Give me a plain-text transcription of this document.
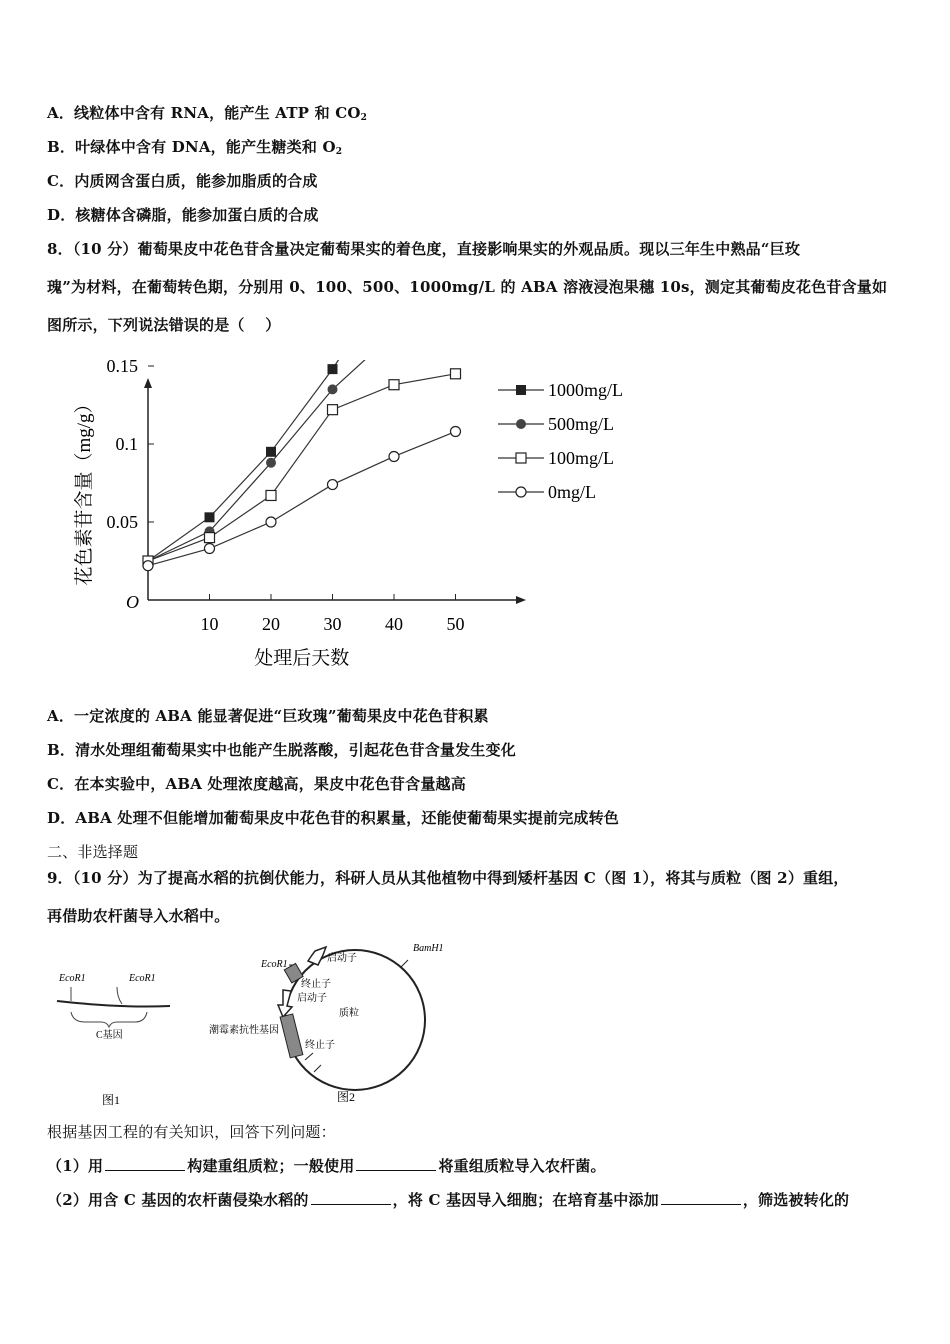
A．线粒体中含有 RNA，能产生 ATP 和 $CO_2$
B．叶绿体中含有 DNA，能产生糖类和 $O_2$
C．内质网含蛋白质，能参加脂质的合成
D．核糖体含磷脂，能参加蛋白质的合成
8．（10 分）葡萄果皮中花色苷含量决定葡萄果实的着色度，直接影响果实的外观品质。现以三年生中熟品“巨玫
瑰”为材料，在葡萄转色期，分别用 0、100、500、1000mg/L 的 ABA 溶液浸泡果穗 10s，测定其葡萄皮花色苷含量如
图所示，下列说法错误的是（　 ）
O
0.05
0.1
0.15
10 20 30 40 50
处理后天数
花色素苷含量（mg/g）
1000mg/L
500mg/L
100mg/L
0mg/L
A．一定浓度的 ABA 能显著促进“巨玫瑰”葡萄果皮中花色苷积累
B．清水处理组葡萄果实中也能产生脱落酸，引起花色苷含量发生变化
C．在本实验中，ABA 处理浓度越高，果皮中花色苷含量越高
D．ABA 处理不但能增加葡萄果皮中花色苷的积累量，还能使葡萄果实提前完成转色
二、非选择题
9．（10 分）为了提高水稻的抗倒伏能力，科研人员从其他植物中得到矮杆基因 C（图 1），将其与质粒（图 2）重组，
再借助农杆菌导入水稻中。
EcoR1	EcoR1
C基因
图1
BamH1
EcoR1
启动子
终止子
启动子
质粒
潮霉素抗性基因
终止子
图2
根据基因工程的有关知识，回答下列问题：
（1）用	构建重组质粒；一般使用	将重组质粒导入农杆菌。
（2）用含 C 基因的农杆菌侵染水稻的	，将 C 基因导入细胞；在培育基中添加	，筛选被转化的
